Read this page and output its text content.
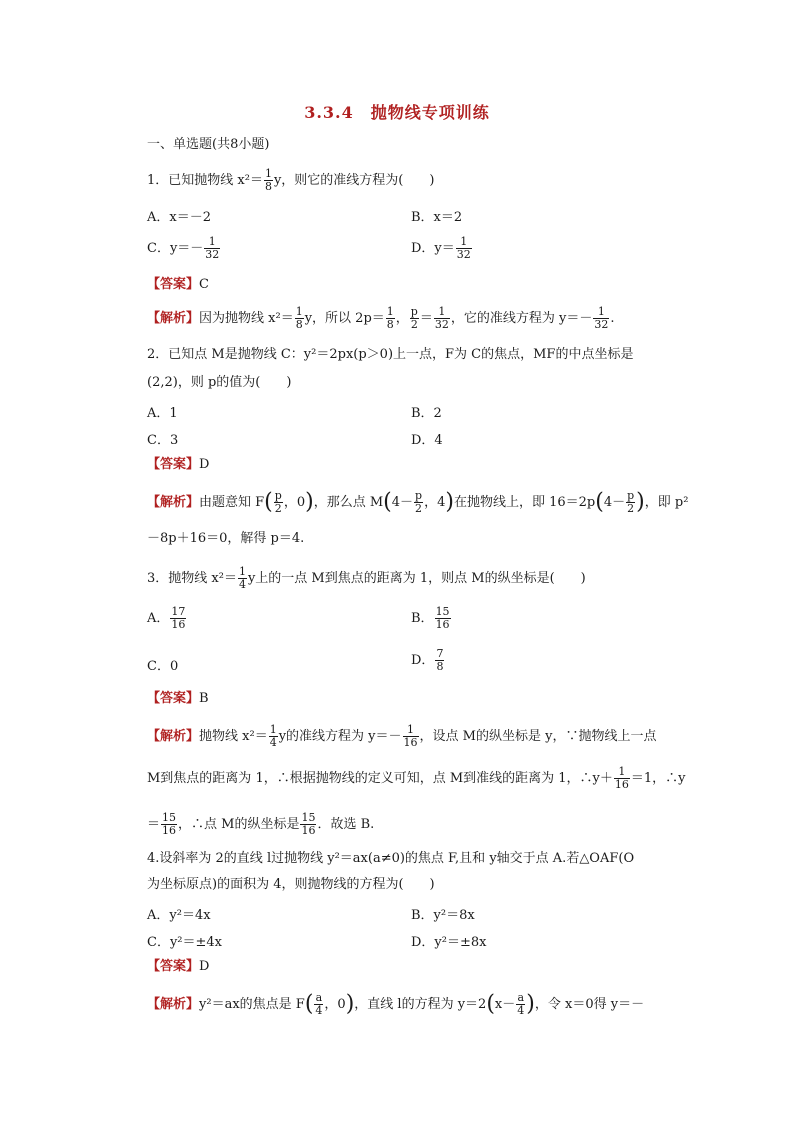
3.3.4　抛物线专项训练
一、单选题(共8小题)
1．已知抛物线 $x^2= \frac{1}{8}$ y，则它的准线方程为(　　)
A．x＝－2	B．x＝2
C．$y=- \frac{1}{32}$	D．$y= \frac{1}{32}$
【答案】C
【解析】因为抛物线 $x^2= \frac{1}{8}$ y，所以 $2p= \frac{1}{8}$ ， $\frac{p}{2} = \frac{1}{32}$ ，它的准线方程为 $y=- \frac{1}{32}$ .
2．已知点 M是抛物线 C：y²＝2px(p＞0)上一点，F为 C的焦点，MF的中点坐标是
(2,2)，则 p的值为(　　)
A．1	B．2
C．3	D．4
【答案】D
【解析】由题意知 $F( \frac{p}{2}$ ，0)，那么点 $M(4- \frac{p}{2}$ ，4)在抛物线上，即 $16=2p(4- \frac{p}{2}$ )，即 p²
－8p＋16＝0，解得 p＝4.
3．抛物线 $x^2= \frac{1}{4}$ y上的一点 M到焦点的距离为 1，则点 M的纵坐标是(　　)
A． $\frac{17}{16}$	B． $\frac{15}{16}$
C．0	D． $\frac{7}{8}$
【答案】B
【解析】抛物线 $x^2= \frac{1}{4}$ y的准线方程为 $y=- \frac{1}{16}$ ，设点 M的纵坐标是 y，∵抛物线上一点
M到焦点的距离为 1，∴根据抛物线的定义可知，点 M到准线的距离为 1，∴y＋ $\frac{1}{16} =1$，∴y
＝ $\frac{15}{16}$ ，∴点 M的纵坐标是 $\frac{15}{16}$ ．故选 B.
4.设斜率为 2的直线 l过抛物线 y²＝ax(a≠0)的焦点 F,且和 y轴交于点 A.若△OAF(O
为坐标原点)的面积为 4，则抛物线的方程为(　　)
A．y²＝4x	B．y²＝8x
C．y²＝±4x	D．y²＝±8x
【答案】D
【解析】y²＝ax的焦点是 $F( \frac{a}{4}$ ，0)，直线 l的方程为 $y=2(x- \frac{a}{4}$ )，令 x＝0得 y＝－
